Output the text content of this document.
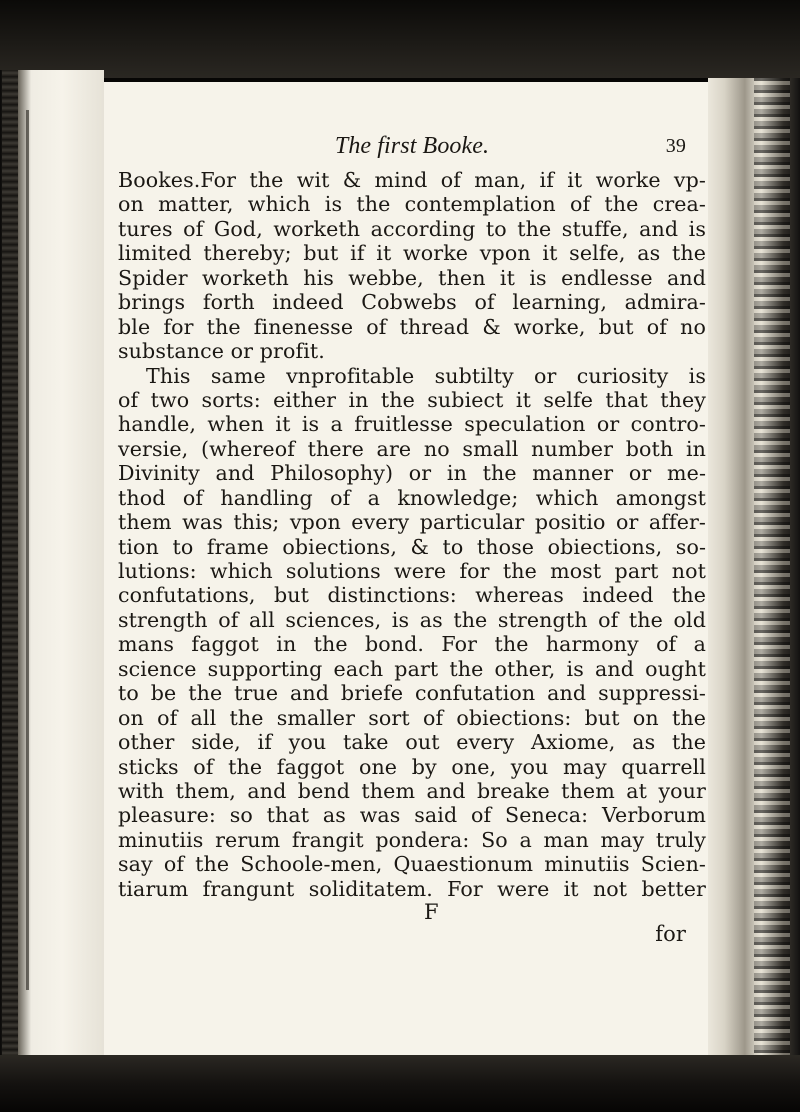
The first Booke.	39
Bookes.For the wit & mind of man, if it worke vp-
on matter, which is the contemplation of the crea-
tures of God, worketh according to the stuffe, and is
limited thereby; but if it worke vpon it selfe, as the
Spider worketh his webbe, then it is endlesse and
brings forth indeed Cobwebs of learning, admira-
ble for the finenesse of thread & worke, but of no
substance or profit.
This same vnprofitable subtilty or curiosity is
of two sorts: either in the subiect it selfe that they
handle, when it is a fruitlesse speculation or contro-
versie, (whereof there are no small number both in
Divinity and Philosophy) or in the manner or me-
thod of handling of a knowledge; which amongst
them was this; vpon every particular positio or affer-
tion to frame obiections, & to those obiections, so-
lutions: which solutions were for the most part not
confutations, but distinctions: whereas indeed the
strength of all sciences, is as the strength of the old
mans faggot in the bond. For the harmony of a
science supporting each part the other, is and ought
to be the true and briefe confutation and suppressi-
on of all the smaller sort of obiections: but on the
other side, if you take out every Axiome, as the
sticks of the faggot one by one, you may quarrell
with them, and bend them and breake them at your
pleasure: so that as was said of Seneca: Verborum
minutiis rerum frangit pondera: So a man may truly
say of the Schoole-men, Quaestionum minutiis Scien-
tiarum frangunt soliditatem. For were it not better
F
for
